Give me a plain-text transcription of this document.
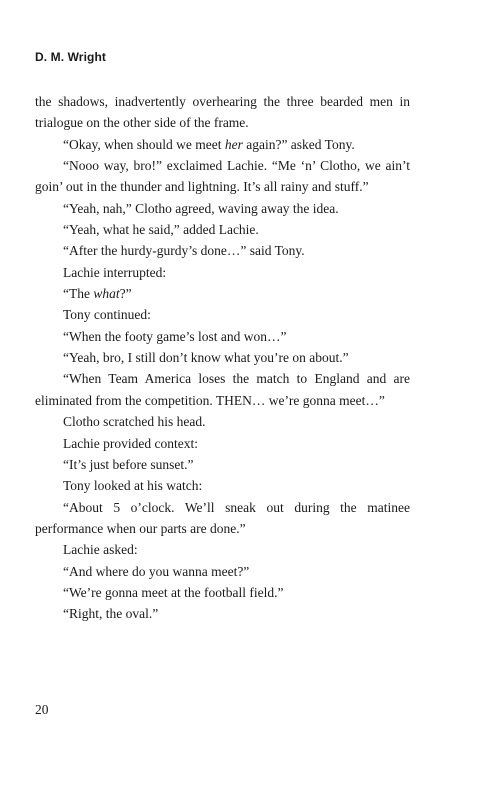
D. M. Wright

the shadows, inadvertently overhearing the three bearded men in trialogue on the other side of the frame.

“Okay, when should we meet her again?” asked Tony.

“Nooo way, bro!” exclaimed Lachie. “Me ‘n’ Clotho, we ain’t goin’ out in the thunder and lightning. It’s all rainy and stuff.”

“Yeah, nah,” Clotho agreed, waving away the idea.

“Yeah, what he said,” added Lachie.

“After the hurdy-gurdy’s done…” said Tony.

Lachie interrupted:

“The what?”

Tony continued:

“When the footy game’s lost and won…”

“Yeah, bro, I still don’t know what you’re on about.”

“When Team America loses the match to England and are eliminated from the competition. THEN… we’re gonna meet…”

Clotho scratched his head.

Lachie provided context:

“It’s just before sunset.”

Tony looked at his watch:

“About 5 o’clock. We’ll sneak out during the matinee performance when our parts are done.”

Lachie asked:

“And where do you wanna meet?”

“We’re gonna meet at the football field.”

“Right, the oval.”

20
